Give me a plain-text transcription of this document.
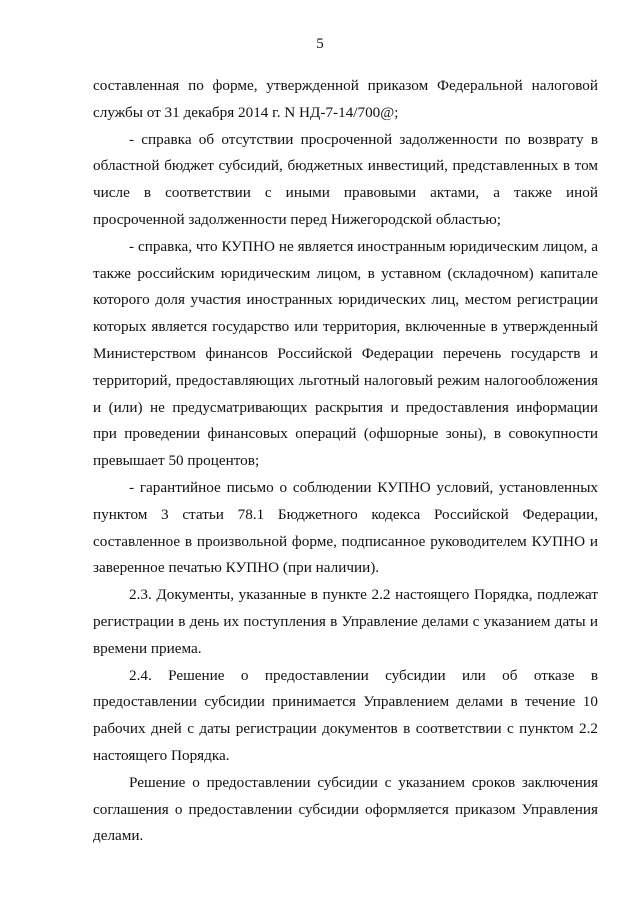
5

составленная по форме, утвержденной приказом Федеральной налоговой службы от 31 декабря 2014 г. N НД-7-14/700@;

- справка об отсутствии просроченной задолженности по возврату в областной бюджет субсидий, бюджетных инвестиций, представленных в том числе в соответствии с иными правовыми актами, а также иной просроченной задолженности перед Нижегородской областью;

- справка, что КУПНО не является иностранным юридическим лицом, а также российским юридическим лицом, в уставном (складочном) капитале которого доля участия иностранных юридических лиц, местом регистрации которых является государство или территория, включенные в утвержденный Министерством финансов Российской Федерации перечень государств и территорий, предоставляющих льготный налоговый режим налогообложения и (или) не предусматривающих раскрытия и предоставления информации при проведении финансовых операций (офшорные зоны), в совокупности превышает 50 процентов;

- гарантийное письмо о соблюдении КУПНО условий, установленных пунктом 3 статьи 78.1 Бюджетного кодекса Российской Федерации, составленное в произвольной форме, подписанное руководителем КУПНО и заверенное печатью КУПНО (при наличии).

2.3. Документы, указанные в пункте 2.2 настоящего Порядка, подлежат регистрации в день их поступления в Управление делами с указанием даты и времени приема.

2.4. Решение о предоставлении субсидии или об отказе в предоставлении субсидии принимается Управлением делами в течение 10 рабочих дней с даты регистрации документов в соответствии с пунктом 2.2 настоящего Порядка.

Решение о предоставлении субсидии с указанием сроков заключения соглашения о предоставлении субсидии оформляется приказом Управления делами.
